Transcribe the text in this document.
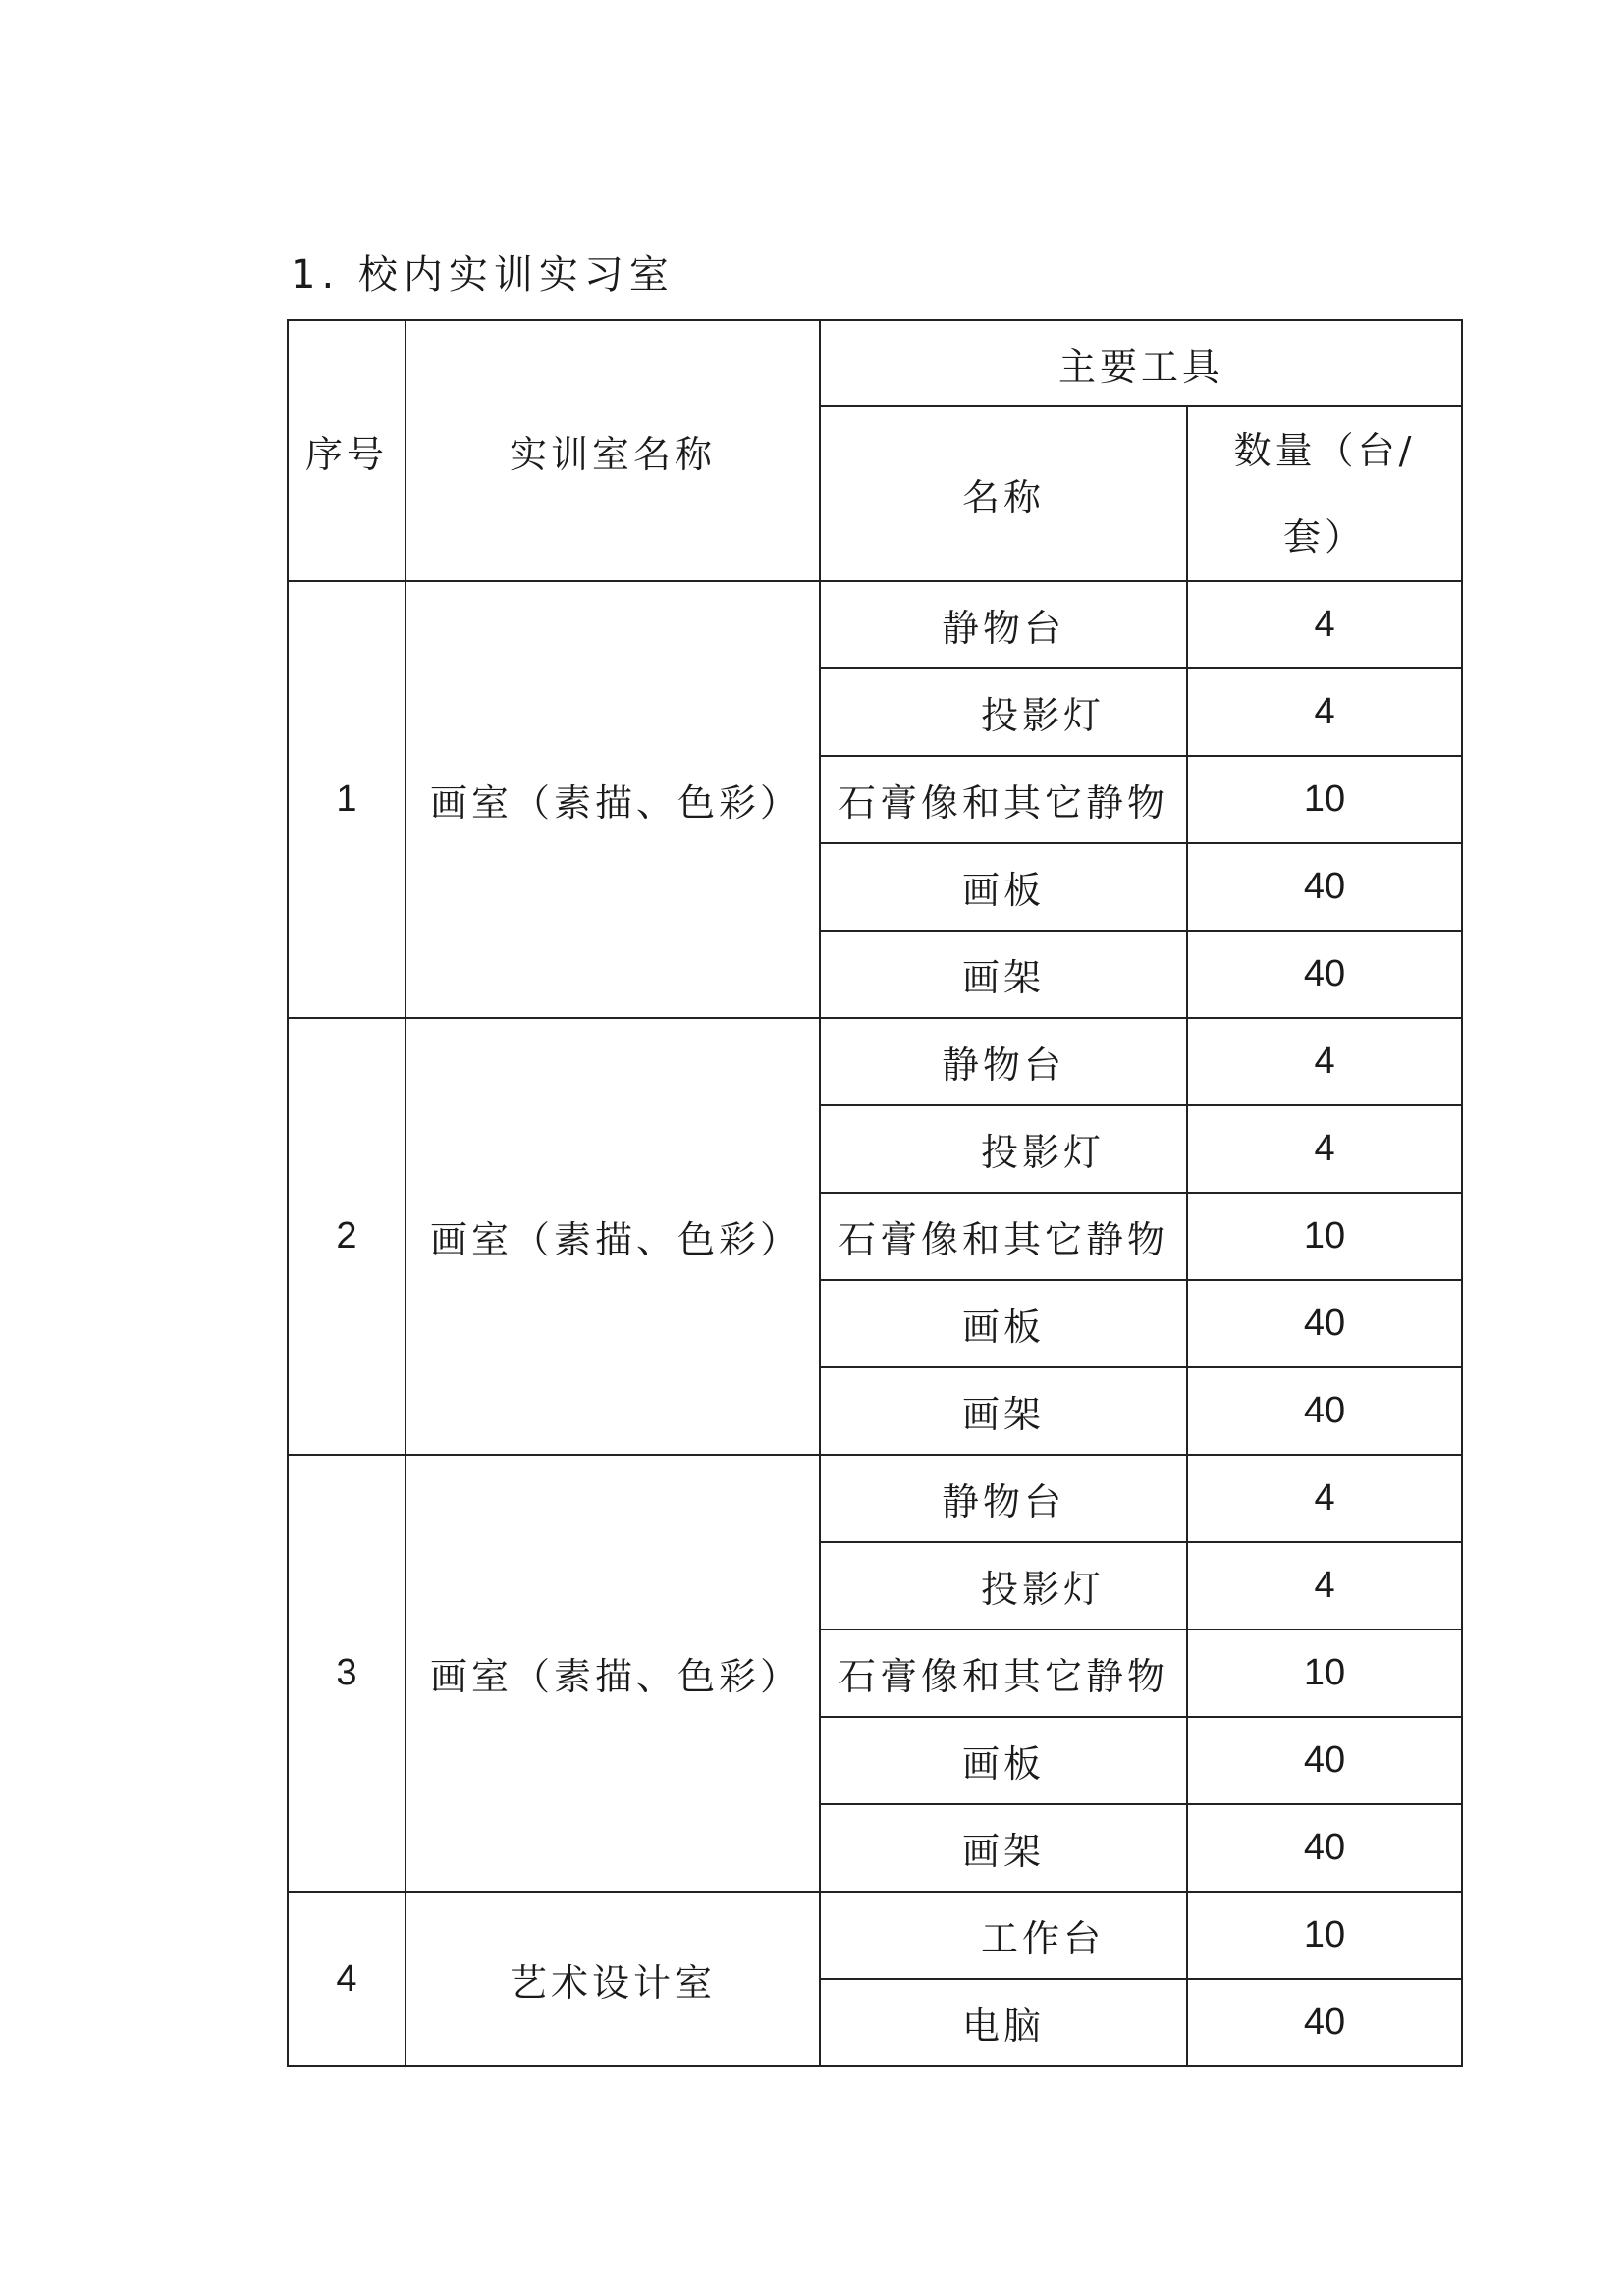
1. 校内实训实习室
序号	实训室名称	主要工具	
		名称	数量（台/套）
1	画室（素描、色彩）	静物台	4
		投影灯	4
		石膏像和其它静物	10
		画板	40
		画架	40
2	画室（素描、色彩）	静物台	4
		投影灯	4
		石膏像和其它静物	10
		画板	40
		画架	40
3	画室（素描、色彩）	静物台	4
		投影灯	4
		石膏像和其它静物	10
		画板	40
		画架	40
4	艺术设计室	工作台	10
		电脑	40
